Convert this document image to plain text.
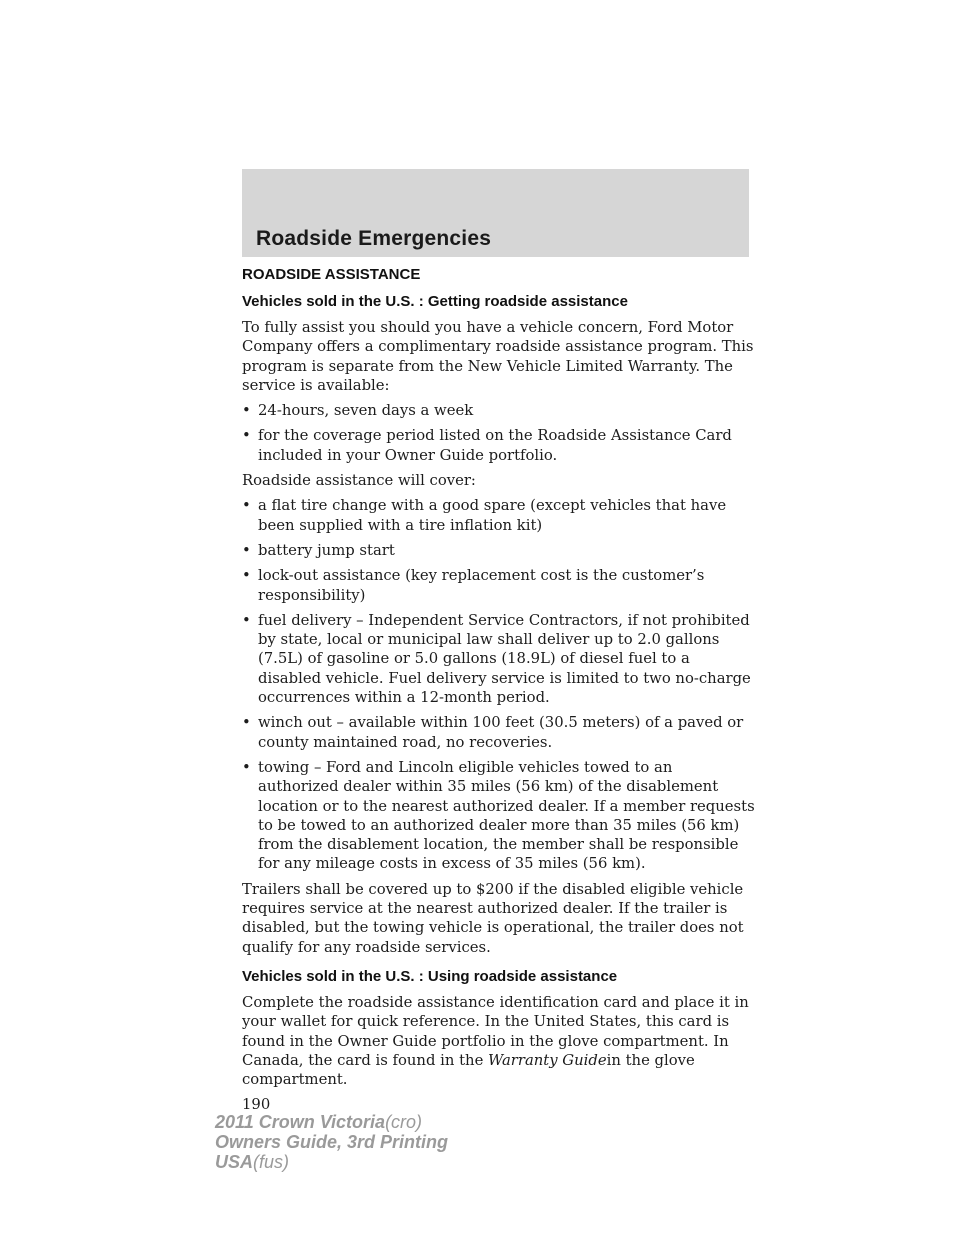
Roadside Emergencies
ROADSIDE ASSISTANCE
Vehicles sold in the U.S. : Getting roadside assistance

To fully assist you should you have a vehicle concern, Ford Motor Company offers a complimentary roadside assistance program. This program is separate from the New Vehicle Limited Warranty. The service is available:

• 24-hours, seven days a week
• for the coverage period listed on the Roadside Assistance Card included in your Owner Guide portfolio.

Roadside assistance will cover:

• a flat tire change with a good spare (except vehicles that have been supplied with a tire inflation kit)
• battery jump start
• lock-out assistance (key replacement cost is the customer’s responsibility)
• fuel delivery – Independent Service Contractors, if not prohibited by state, local or municipal law shall deliver up to 2.0 gallons (7.5L) of gasoline or 5.0 gallons (18.9L) of diesel fuel to a disabled vehicle. Fuel delivery service is limited to two no-charge occurrences within a 12-month period.
• winch out – available within 100 feet (30.5 meters) of a paved or county maintained road, no recoveries.
• towing – Ford and Lincoln eligible vehicles towed to an authorized dealer within 35 miles (56 km) of the disablement location or to the nearest authorized dealer. If a member requests to be towed to an authorized dealer more than 35 miles (56 km) from the disablement location, the member shall be responsible for any mileage costs in excess of 35 miles (56 km).

Trailers shall be covered up to $200 if the disabled eligible vehicle requires service at the nearest authorized dealer. If the trailer is disabled, but the towing vehicle is operational, the trailer does not qualify for any roadside services.

Vehicles sold in the U.S. : Using roadside assistance

Complete the roadside assistance identification card and place it in your wallet for quick reference. In the United States, this card is found in the Owner Guide portfolio in the glove compartment. In Canada, the card is found in the Warranty Guidein the glove compartment.

190
2011 Crown Victoria(cro)
Owners Guide, 3rd Printing
USA(fus)
